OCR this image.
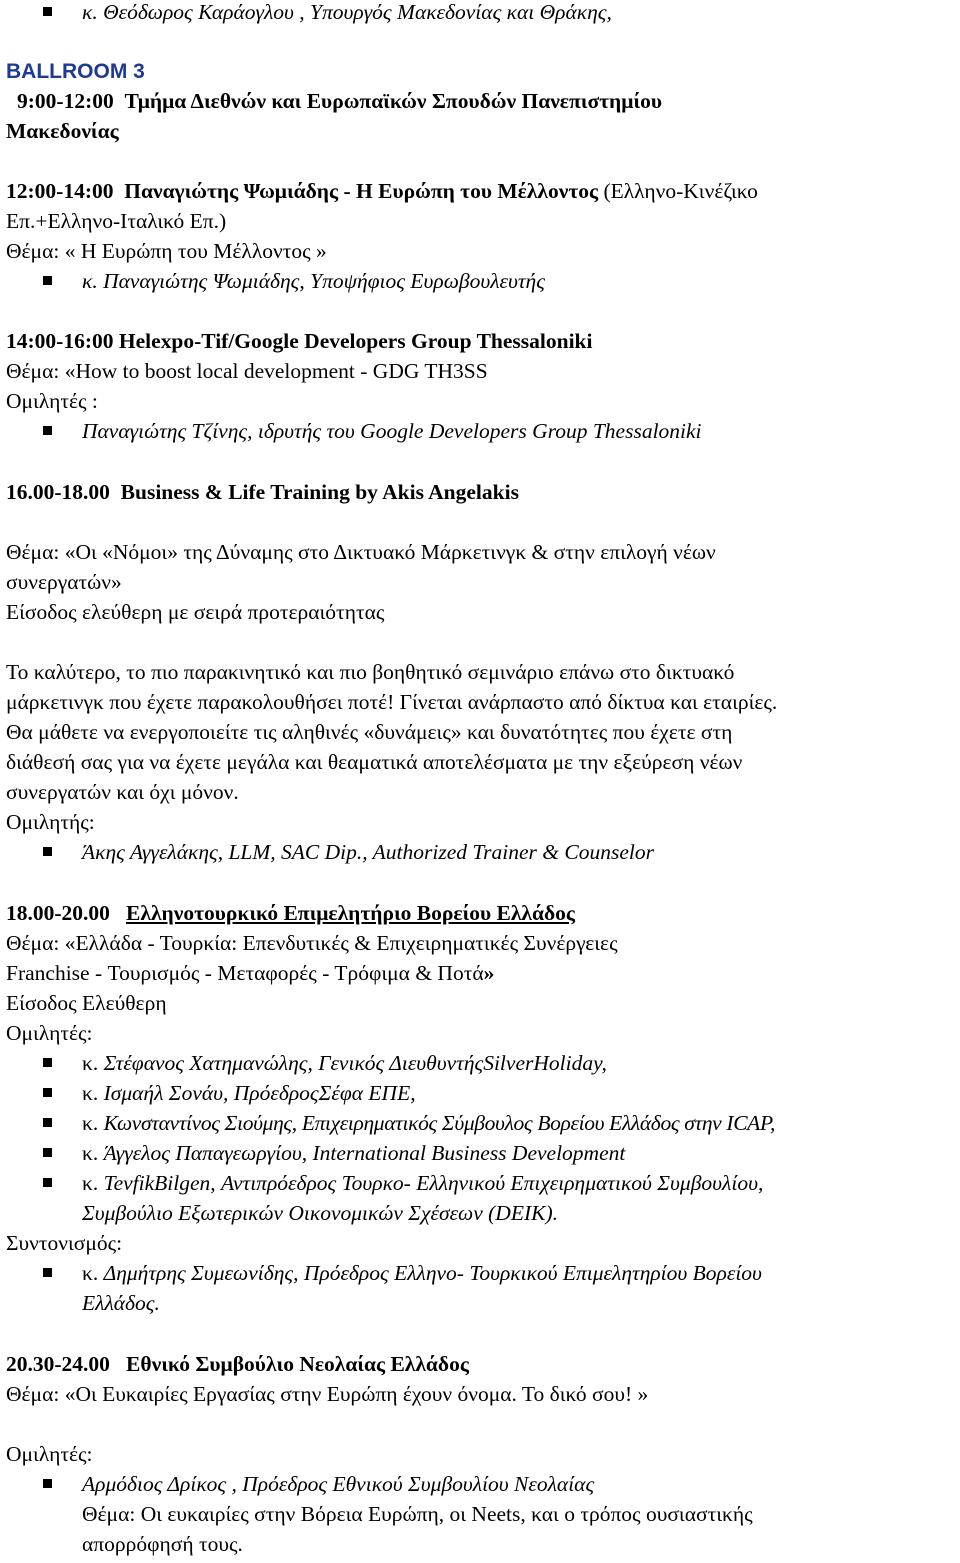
κ. Θεόδωρος Καράογλου , Υπουργός Μακεδονίας και Θράκης,
BALLROOM 3
9:00-12:00 Τμήμα Διεθνών και Ευρωπαϊκών Σπουδών Πανεπιστημίου
Μακεδονίας
12:00-14:00 Παναγιώτης Ψωμιάδης - Η Ευρώπη του Μέλλοντος (Ελληνο-Κινέζικο
Επ.+Ελληνο-Ιταλικό Επ.)
Θέμα: « Η Ευρώπη του Μέλλοντος »
κ. Παναγιώτης Ψωμιάδης, Υποψήφιος Ευρωβουλευτής
14:00-16:00 Helexpo-Tif/Google Developers Group Thessaloniki
Θέμα: «How to boost local development - GDG TH3SS
Ομιλητές :
Παναγιώτης Τζίνης, ιδρυτής του Google Developers Group Thessaloniki
16.00-18.00 Business & Life Training by Akis Angelakis
Θέμα: «Οι «Νόμοι» της Δύναμης στο Δικτυακό Μάρκετινγκ & στην επιλογή νέων
συνεργατών»
Είσοδος ελεύθερη με σειρά προτεραιότητας
Το καλύτερο, το πιο παρακινητικό και πιο βοηθητικό σεμινάριο επάνω στο δικτυακό
μάρκετινγκ που έχετε παρακολουθήσει ποτέ! Γίνεται ανάρπαστο από δίκτυα και εταιρίες.
Θα μάθετε να ενεργοποιείτε τις αληθινές «δυνάμεις» και δυνατότητες που έχετε στη
διάθεσή σας για να έχετε μεγάλα και θεαματικά αποτελέσματα με την εξεύρεση νέων
συνεργατών και όχι μόνον.
Ομιλητής:
Άκης Αγγελάκης, LLM, SAC Dip., Authorized Trainer & Counselor
18.00-20.00 Ελληνοτουρκικό Επιμελητήριο Βορείου Ελλάδος
Θέμα: «Ελλάδα - Τουρκία: Επενδυτικές & Επιχειρηματικές Συνέργειες
Franchise - Τουρισμός - Μεταφορές - Τρόφιμα & Ποτά»
Είσοδος Ελεύθερη
Ομιλητές:
κ. Στέφανος Χατημανώλης, Γενικός ΔιευθυντήςSilverHoliday,
κ. Ισμαήλ Σονάυ, ΠρόεδροςΣέφα ΕΠΕ,
κ. Κωνσταντίνος Σιούμης, Επιχειρηματικός Σύμβουλος Βορείου Ελλάδος στην ICAP,
κ. Άγγελος Παπαγεωργίου, International Business Development
κ. TevfikBilgen, Αντιπρόεδρος Τουρκο- Ελληνικού Επιχειρηματικού Συμβουλίου,
Συμβούλιο Εξωτερικών Οικονομικών Σχέσεων (DEIK).
Συντονισμός:
κ. Δημήτρης Συμεωνίδης, Πρόεδρος Ελληνο- Τουρκικού Επιμελητηρίου Βορείου
Ελλάδος.
20.30-24.00 Εθνικό Συμβούλιο Νεολαίας Ελλάδος
Θέμα: «Οι Ευκαιρίες Εργασίας στην Ευρώπη έχουν όνομα. Το δικό σου! »
Ομιλητές:
Αρμόδιος Δρίκος , Πρόεδρος Εθνικού Συμβουλίου Νεολαίας
Θέμα: Οι ευκαιρίες στην Βόρεια Ευρώπη, οι Neets, και ο τρόπος ουσιαστικής
απορρόφησή τους.
